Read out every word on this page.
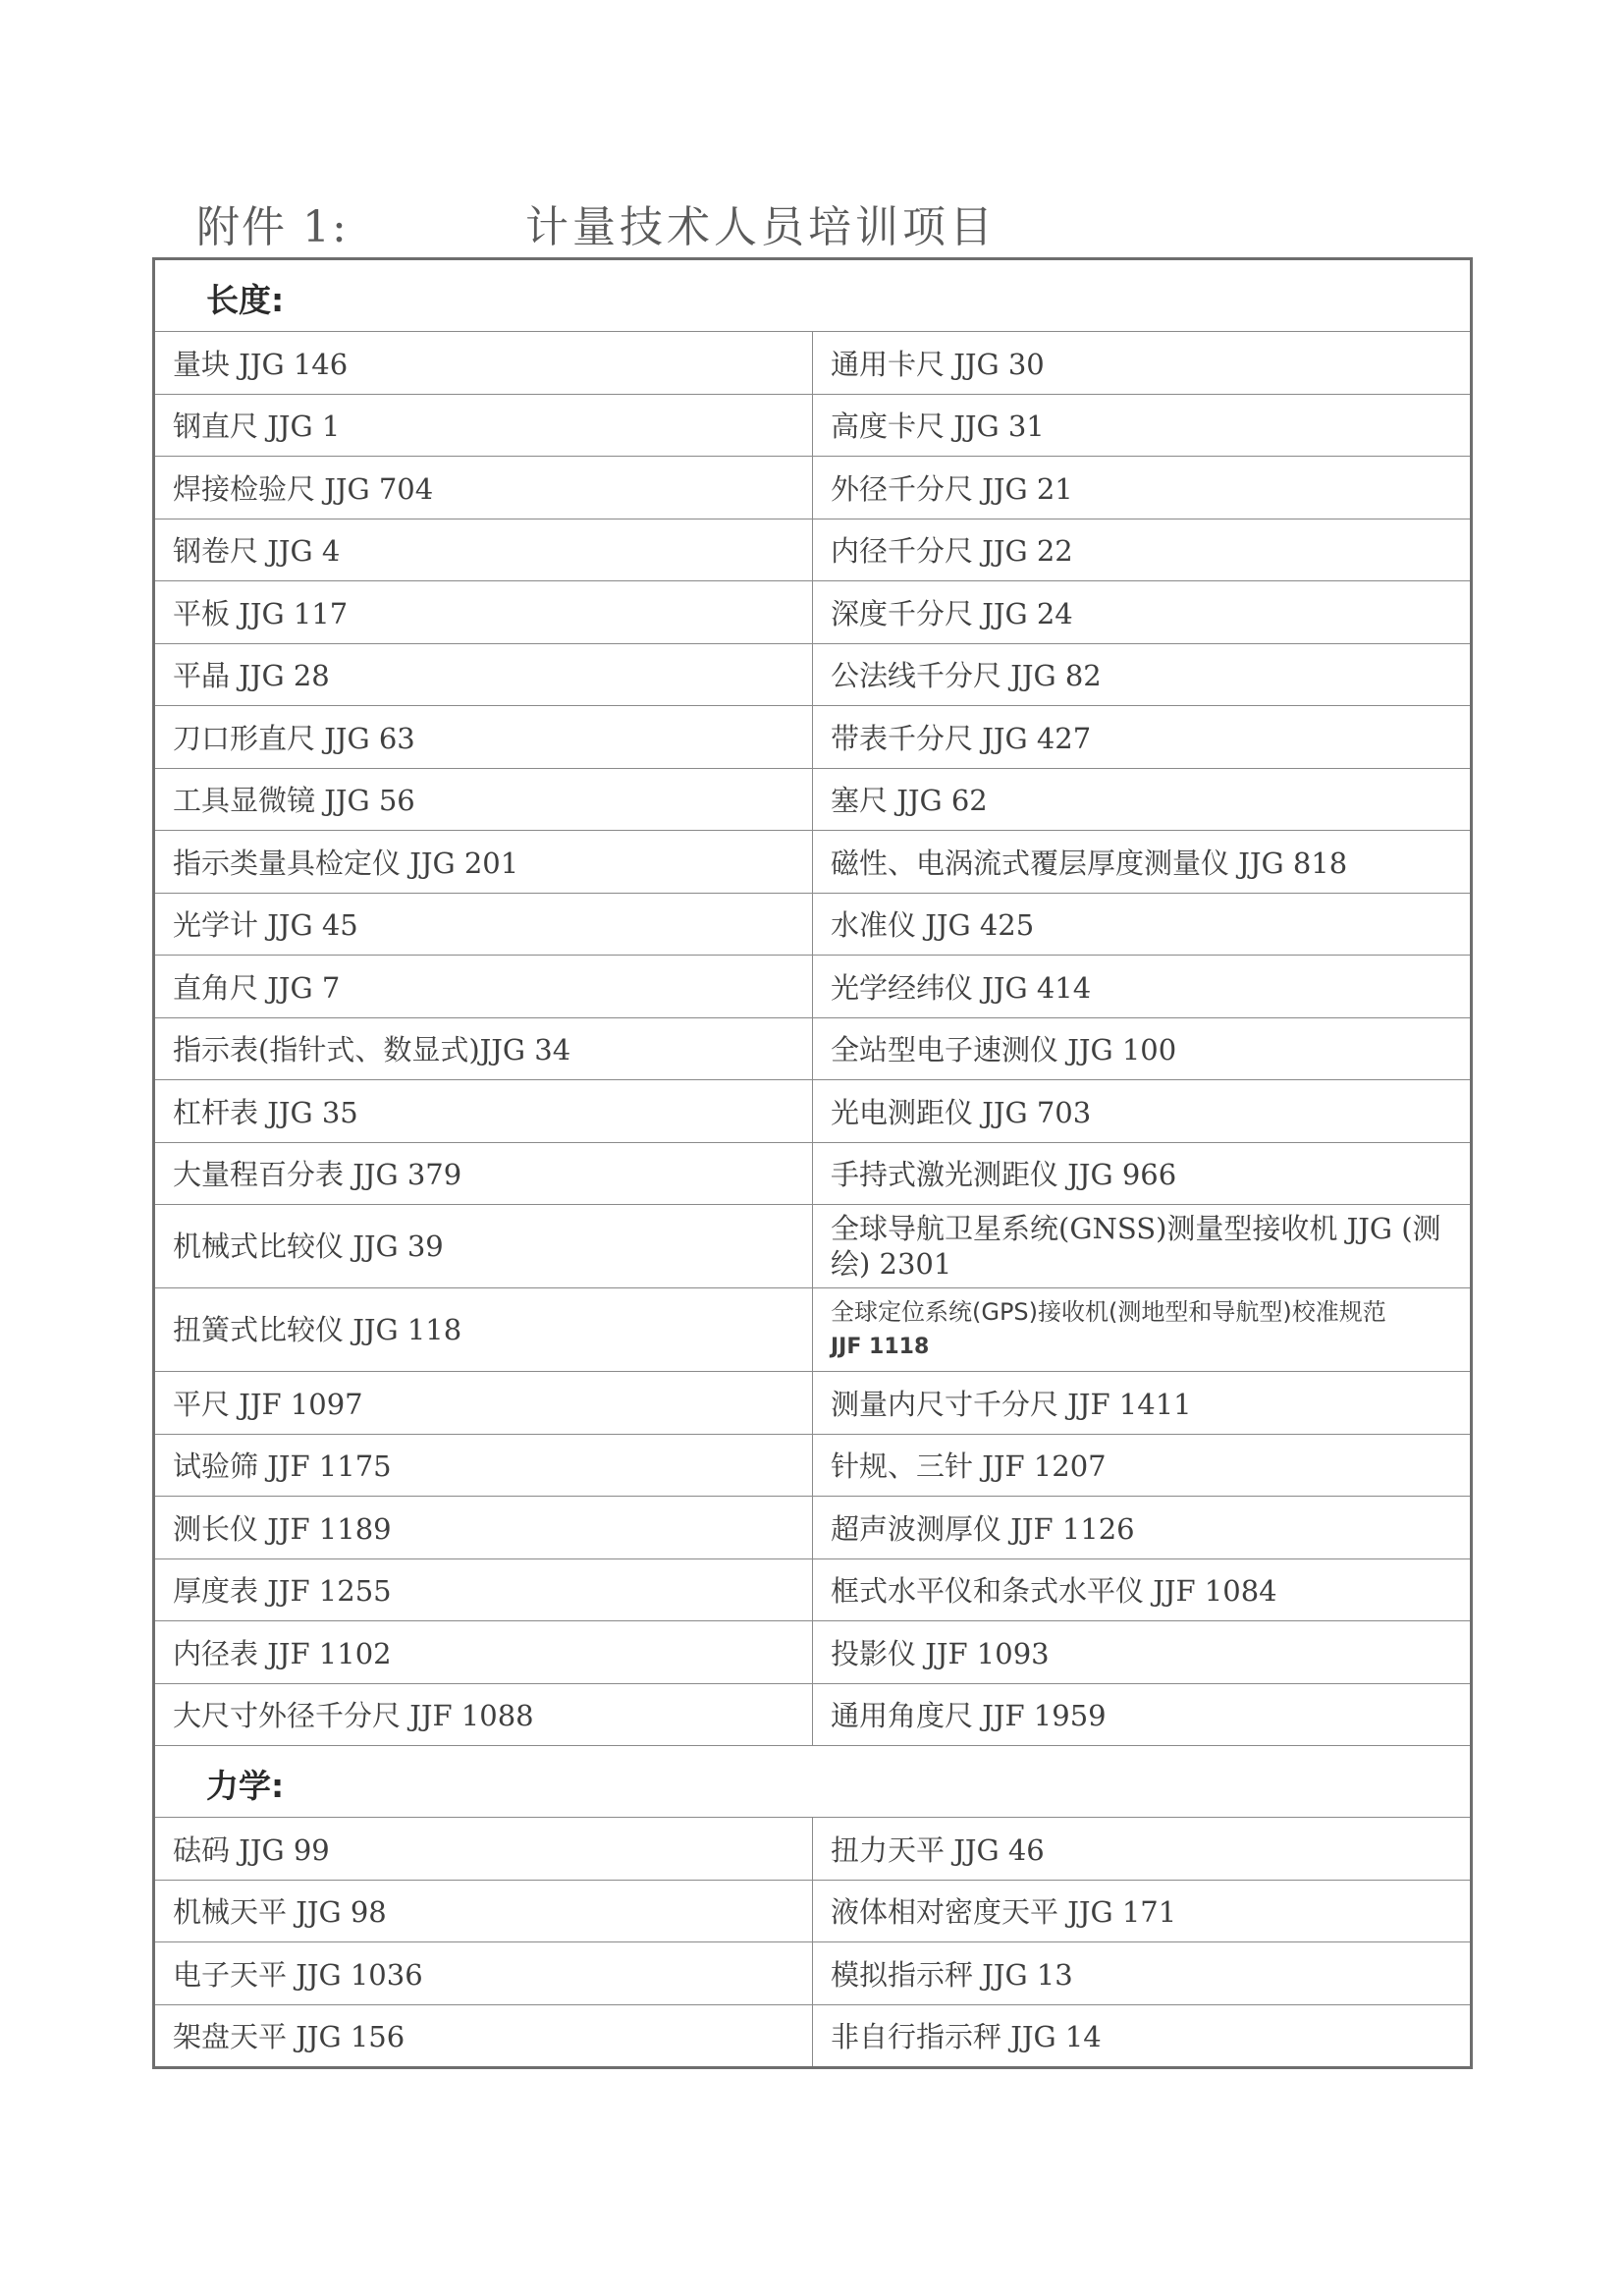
附件 1:	计量技术人员培训项目
长度:	
量块 JJG 146	通用卡尺 JJG 30
钢直尺 JJG 1	高度卡尺 JJG 31
焊接检验尺 JJG 704	外径千分尺 JJG 21
钢卷尺 JJG 4	内径千分尺 JJG 22
平板 JJG 117	深度千分尺 JJG 24
平晶 JJG 28	公法线千分尺 JJG 82
刀口形直尺 JJG 63	带表千分尺 JJG 427
工具显微镜 JJG 56	塞尺 JJG 62
指示类量具检定仪 JJG 201	磁性、电涡流式覆层厚度测量仪 JJG 818
光学计 JJG 45	水准仪 JJG 425
直角尺 JJG 7	光学经纬仪 JJG 414
指示表(指针式、数显式)JJG 34	全站型电子速测仪 JJG 100
杠杆表 JJG 35	光电测距仪 JJG 703
大量程百分表 JJG 379	手持式激光测距仪 JJG 966
机械式比较仪 JJG 39	全球导航卫星系统(GNSS)测量型接收机 JJG (测绘) 2301
扭簧式比较仪 JJG 118	全球定位系统(GPS)接收机(测地型和导航型)校准规范
JJF 1118

平尺 JJF 1097	测量内尺寸千分尺 JJF 1411
试验筛 JJF 1175	针规、三针 JJF 1207
测长仪 JJF 1189	超声波测厚仪 JJF 1126
厚度表 JJF 1255	框式水平仪和条式水平仪 JJF 1084
内径表 JJF 1102	投影仪 JJF 1093
大尺寸外径千分尺 JJF 1088	通用角度尺 JJF 1959
力学:	
砝码 JJG 99	扭力天平 JJG 46
机械天平 JJG 98	液体相对密度天平 JJG 171
电子天平 JJG 1036	模拟指示秤 JJG 13
架盘天平 JJG 156	非自行指示秤 JJG 14
